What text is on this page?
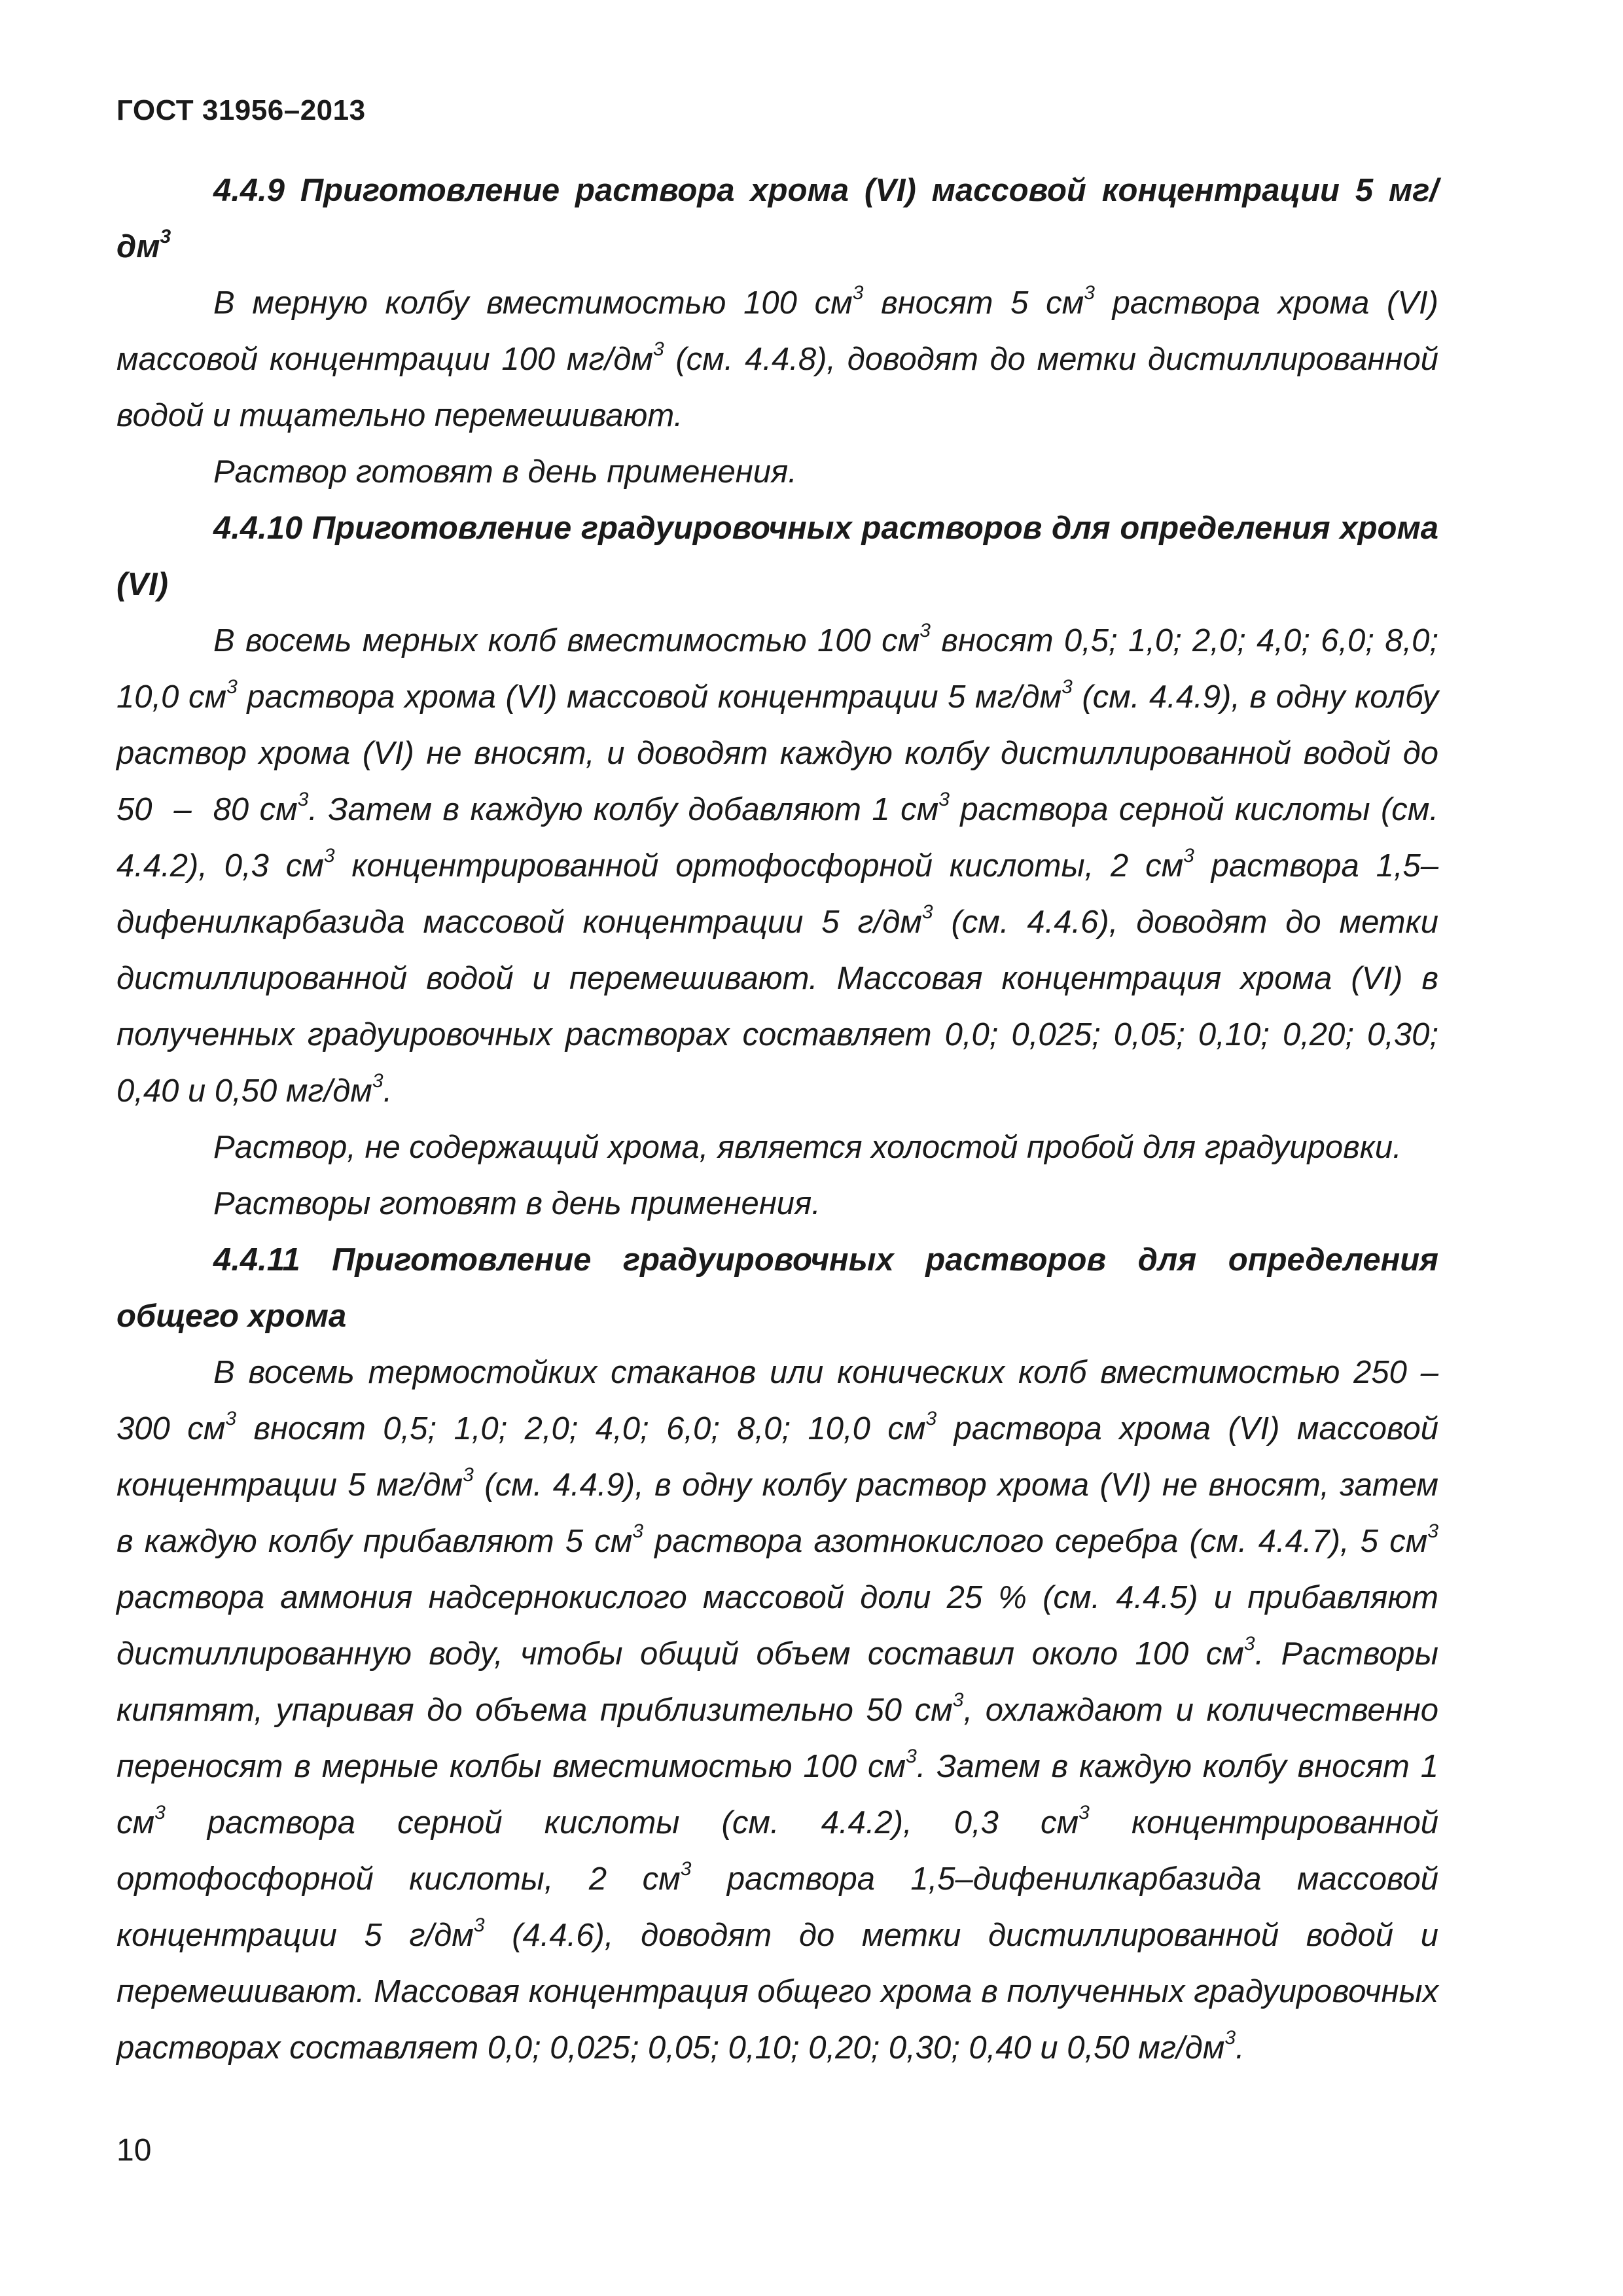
ГОСТ 31956–2013

4.4.9 Приготовление раствора хрома (VI) массовой концентрации 5 $мг/дм^3$

В мерную колбу вместимостью 100 $см^3$ вносят 5 $см^3$ раствора хрома (VI) массовой концентрации 100 $мг/дм^3$ (см. 4.4.8), доводят до метки дистиллированной водой и тщательно перемешивают.

Раствор готовят в день применения.

4.4.10 Приготовление градуировочных растворов для определения хрома (VI)

В восемь мерных колб вместимостью 100 $см^3$ вносят 0,5; 1,0; 2,0; 4,0; 6,0; 8,0; 10,0 $см^3$ раствора хрома (VI) массовой концентрации 5 $мг/дм^3$ (см. 4.4.9), в одну колбу раствор хрома (VI) не вносят, и доводят каждую колбу дистиллированной водой до 50  –  80 $см^3$. Затем в каждую колбу добавляют 1 $см^3$ раствора серной кислоты (см. 4.4.2), 0,3 $см^3$ концентрированной ортофосфорной кислоты, 2 $см^3$ раствора 1,5– дифенилкарбазида массовой концентрации 5 $г/дм^3$ (см. 4.4.6), доводят до метки дистиллированной водой и перемешивают. Массовая концентрация хрома (VI) в полученных градуировочных растворах составляет 0,0; 0,025; 0,05; 0,10; 0,20; 0,30; 0,40 и 0,50 $мг/дм^3$.

Раствор, не содержащий хрома, является холостой пробой для градуировки.

Растворы готовят в день применения.

4.4.11 Приготовление градуировочных растворов для определения общего хрома

В восемь термостойких стаканов или конических колб вместимостью 250 – 300 $см^3$ вносят 0,5; 1,0; 2,0; 4,0; 6,0; 8,0; 10,0 $см^3$ раствора хрома (VI) массовой концентрации 5 $мг/дм^3$ (см. 4.4.9), в одну колбу раствор хрома (VI) не вносят, затем в каждую колбу прибавляют 5 $см^3$ раствора азотнокислого серебра (см. 4.4.7), 5 $см^3$ раствора аммония надсернокислого массовой доли 25 % (см. 4.4.5) и прибавляют дистиллированную воду, чтобы общий объем составил около 100 $см^3$. Растворы кипятят, упаривая до объема приблизительно 50 $см^3$, охлаждают и количественно переносят в мерные колбы вместимостью 100 $см^3$. Затем в каждую колбу вносят 1 $см^3$ раствора серной кислоты (см. 4.4.2), 0,3 $см^3$ концентрированной ортофосфорной кислоты, 2 $см^3$ раствора 1,5–дифенилкарбазида массовой концентрации 5 $г/дм^3$ (4.4.6), доводят до метки дистиллированной водой и перемешивают. Массовая концентрация общего хрома в полученных градуировочных растворах составляет 0,0; 0,025; 0,05; 0,10; 0,20; 0,30; 0,40 и 0,50 $мг/дм^3$.

10
